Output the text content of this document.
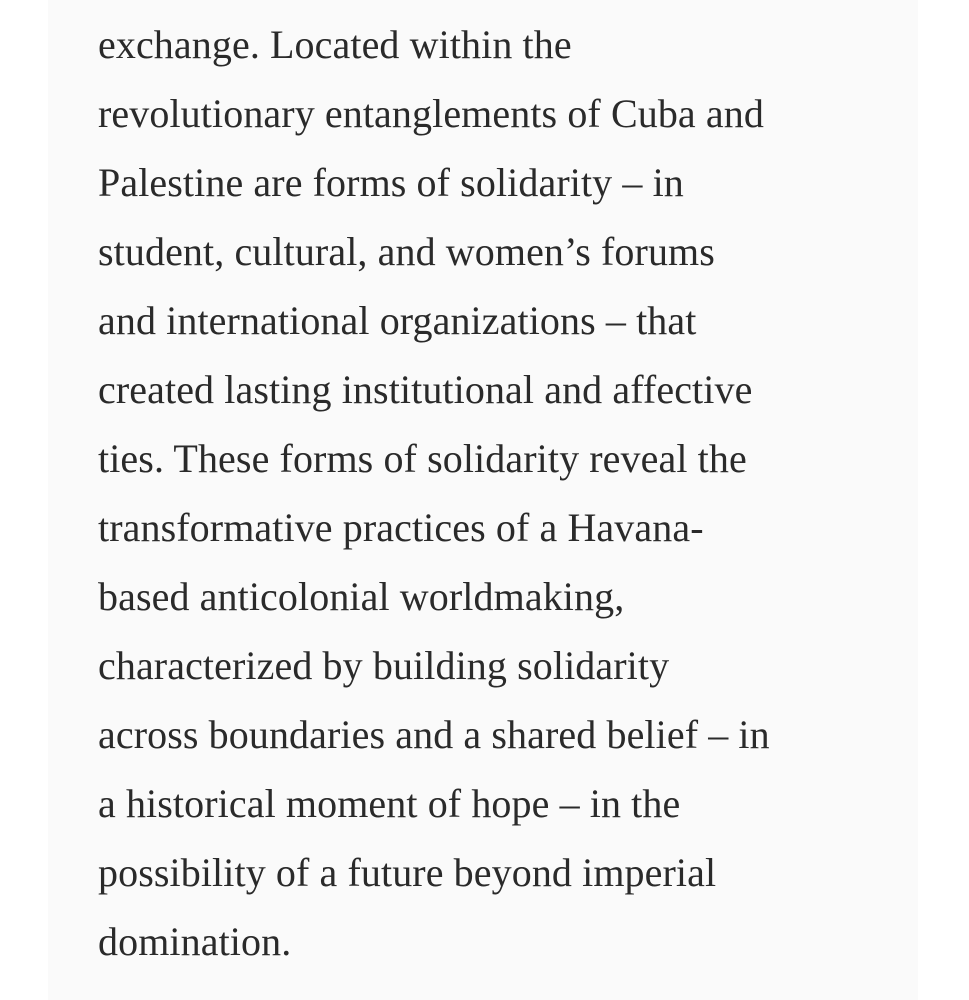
exchange. Located within the
revolutionary entanglements of Cuba and
Palestine are forms of solidarity – in
student, cultural, and women’s forums
and international organizations – that
created lasting institutional and affective
ties. These forms of solidarity reveal the
transformative practices of a Havana-
based anticolonial worldmaking,
characterized by building solidarity
across boundaries and a shared belief – in
a historical moment of hope – in the
possibility of a future beyond imperial
domination.
